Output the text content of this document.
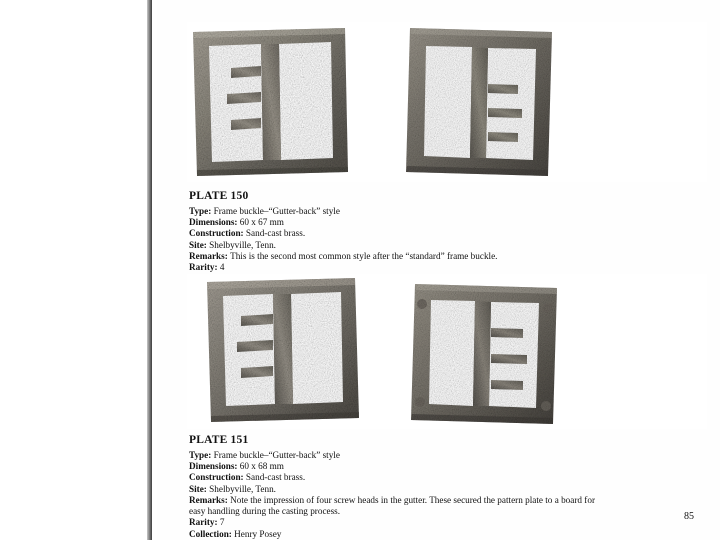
PLATE 150
Type: Frame buckle–“Gutter-back” style
Dimensions: 60 x 67 mm
Construction: Sand-cast brass.
Site: Shelbyville, Tenn.
Remarks: This is the second most common style after the “standard” frame buckle.
Rarity: 4
PLATE 151
Type: Frame buckle–“Gutter-back” style
Dimensions: 60 x 68 mm
Construction: Sand-cast brass.
Site: Shelbyville, Tenn.
Remarks: Note the impression of four screw heads in the gutter. These secured the pattern plate to a board for easy handling during the casting process.
Rarity: 7
Collection: Henry Posey
85
